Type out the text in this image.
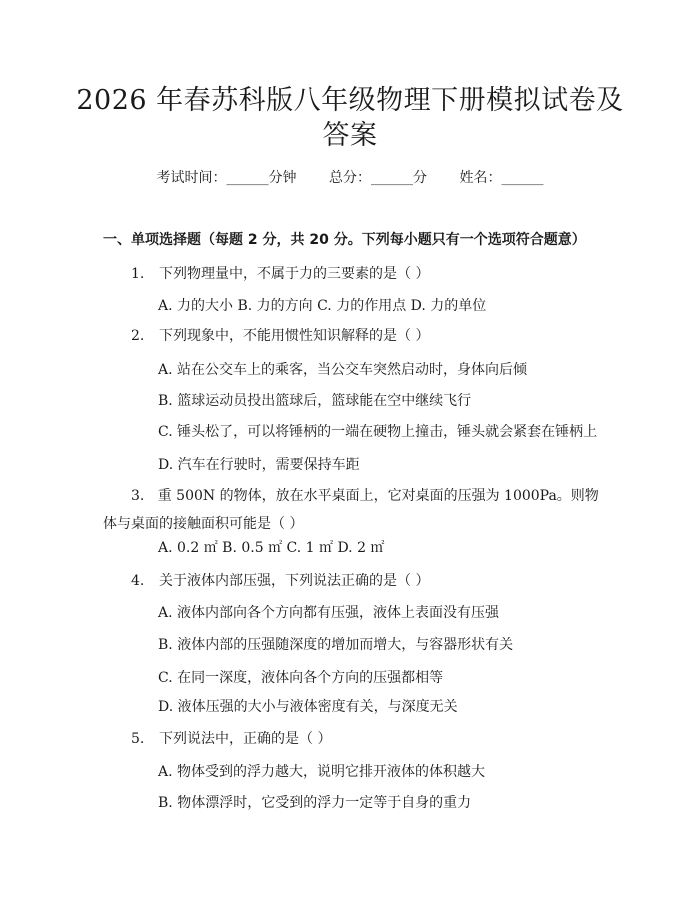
2026 年春苏科版八年级物理下册模拟试卷及
答案
考试时间：______分钟 总分：______分 姓名：______
一、单项选择题（每题 2 分，共 20 分。下列每小题只有一个选项符合题意）
1. 下列物理量中，不属于力的三要素的是（ ）
A. 力的大小 B. 力的方向 C. 力的作用点 D. 力的单位
2. 下列现象中，不能用惯性知识解释的是（ ）
A. 站在公交车上的乘客，当公交车突然启动时，身体向后倾
B. 篮球运动员投出篮球后，篮球能在空中继续飞行
C. 锤头松了，可以将锤柄的一端在硬物上撞击，锤头就会紧套在锤柄上
D. 汽车在行驶时，需要保持车距
3. 重 500N 的物体，放在水平桌面上，它对桌面的压强为 1000Pa。则物体与桌面的接触面积可能是（ ）
A. 0.2 ㎡ B. 0.5 ㎡ C. 1 ㎡ D. 2 ㎡
4. 关于液体内部压强，下列说法正确的是（ ）
A. 液体内部向各个方向都有压强，液体上表面没有压强
B. 液体内部的压强随深度的增加而增大，与容器形状有关
C. 在同一深度，液体向各个方向的压强都相等
D. 液体压强的大小与液体密度有关，与深度无关
5. 下列说法中，正确的是（ ）
A. 物体受到的浮力越大，说明它排开液体的体积越大
B. 物体漂浮时，它受到的浮力一定等于自身的重力
